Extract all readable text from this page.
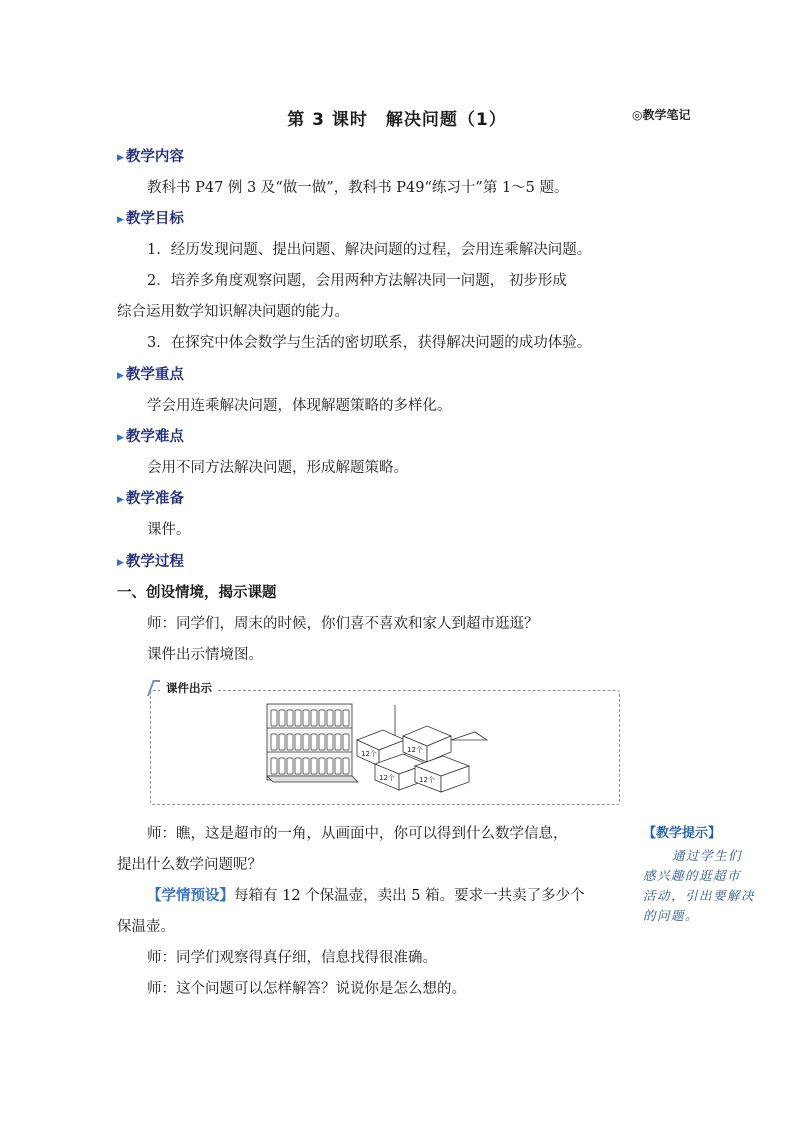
第 3 课时　解决问题（1）	◎教学笔记
▶ 教学内容
教科书 P47 例 3 及“做一做”，教科书 P49“练习十”第 1～5 题。
▶ 教学目标
1．经历发现问题、提出问题、解决问题的过程，会用连乘解决问题。
2．培养多角度观察问题，会用两种方法解决同一问题， 初步形成
综合运用数学知识解决问题的能力。
3．在探究中体会数学与生活的密切联系，获得解决问题的成功体验。
▶ 教学重点
学会用连乘解决问题，体现解题策略的多样化。
▶ 教学难点
会用不同方法解决问题，形成解题策略。
▶ 教学准备
课件。
▶ 教学过程
一、创设情境，揭示课题
师：同学们，周末的时候，你们喜不喜欢和家人到超市逛逛？
课件出示情境图。
课件出示
12个	12个
12个	12个
师：瞧，这是超市的一角，从画面中，你可以得到什么数学信息，
提出什么数学问题呢？
【学情预设】每箱有 12 个保温壶，卖出 5 箱。要求一共卖了多少个
保温壶。
师：同学们观察得真仔细，信息找得很准确。
师：这个问题可以怎样解答？说说你是怎么想的。
【教学提示】
通过学生们
感兴趣的逛超市
活动，引出要解决
的问题。
